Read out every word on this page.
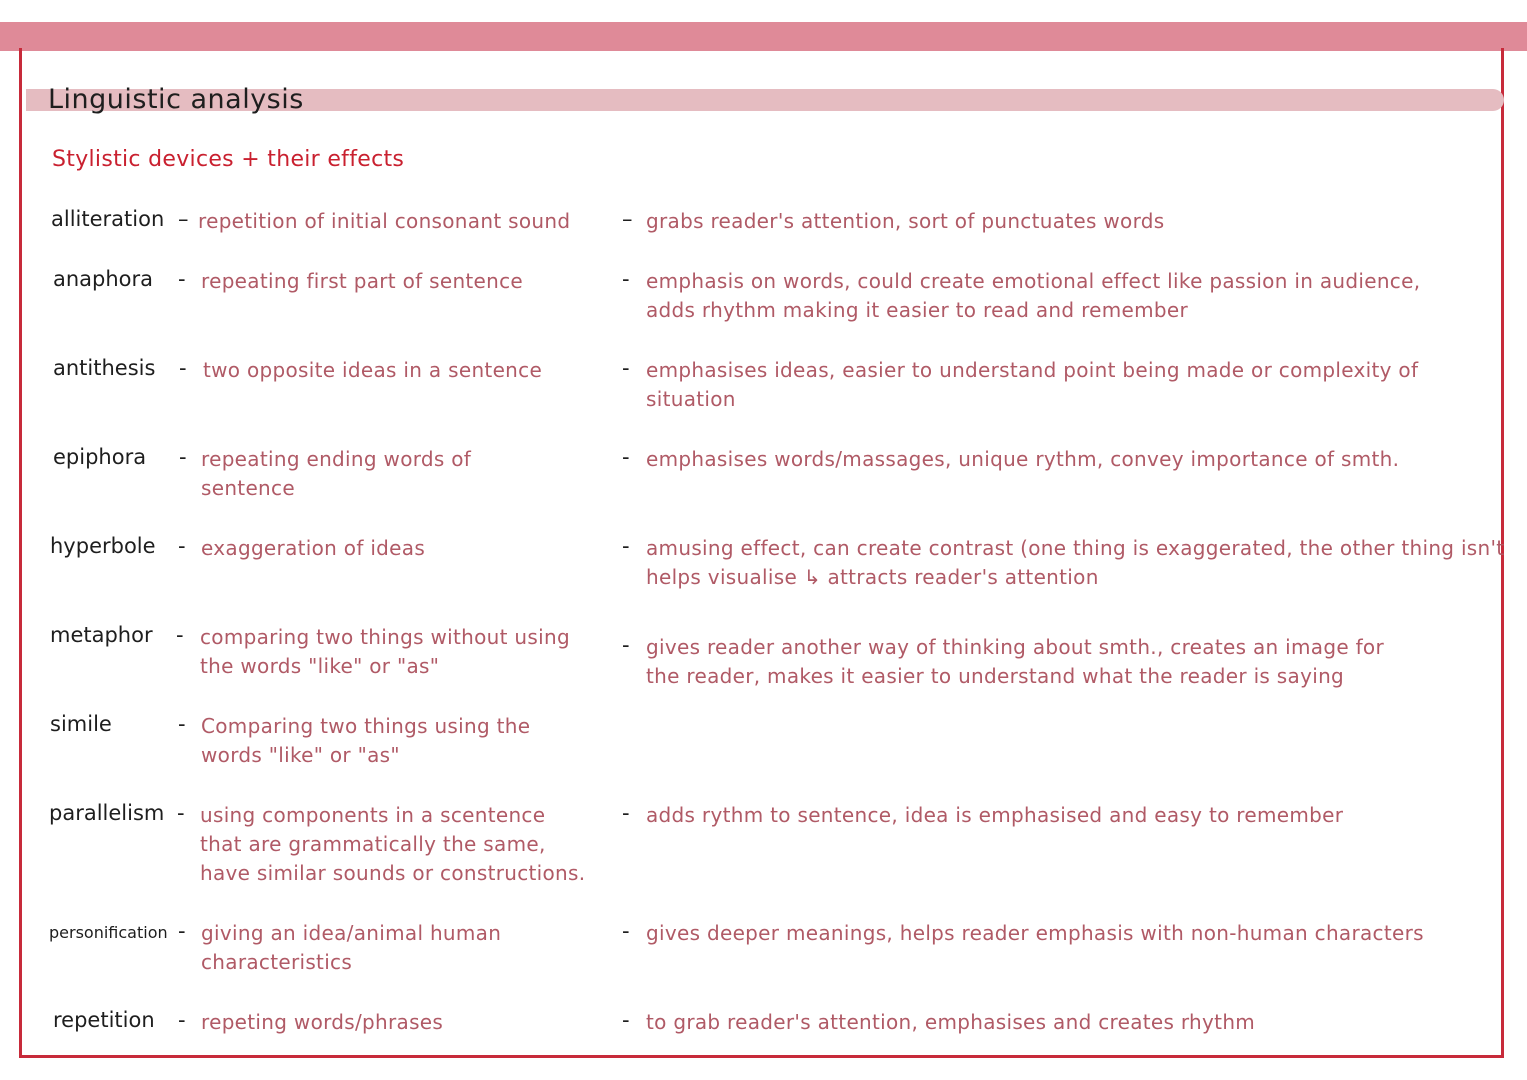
Linguistic analysis
Stylistic devices + their effects
alliteration – repetition of initial consonant sound	– grabs reader's attention, sort of punctuates words
anaphora - repeating first part of sentence	- emphasis on words, could create emotional effect like passion in audience,
adds rhythm making it easier to read and remember
antithesis - two opposite ideas in a sentence	- emphasises ideas, easier to understand point being made or complexity of
situation
epiphora - repeating ending words of
sentence
- emphasises words/massages, unique rythm, convey importance of smth.
hyperbole - exaggeration of ideas	- amusing effect, can create contrast (one thing is exaggerated, the other thing isn't
helps visualise ↳ attracts reader's attention
metaphor - comparing two things without using
the words "like" or "as"
- gives reader another way of thinking about smth., creates an image for
the reader, makes it easier to understand what the reader is saying
simile	- Comparing two things using the
words "like" or "as"
parallelism - using components in a scentence
that are grammatically the same,
have similar sounds or constructions.
- adds rythm to sentence, idea is emphasised and easy to remember
personification - giving an idea/animal human
characteristics
- gives deeper meanings, helps reader emphasis with non-human characters
repetition - repeting words/phrases	- to grab reader's attention, emphasises and creates rhythm
